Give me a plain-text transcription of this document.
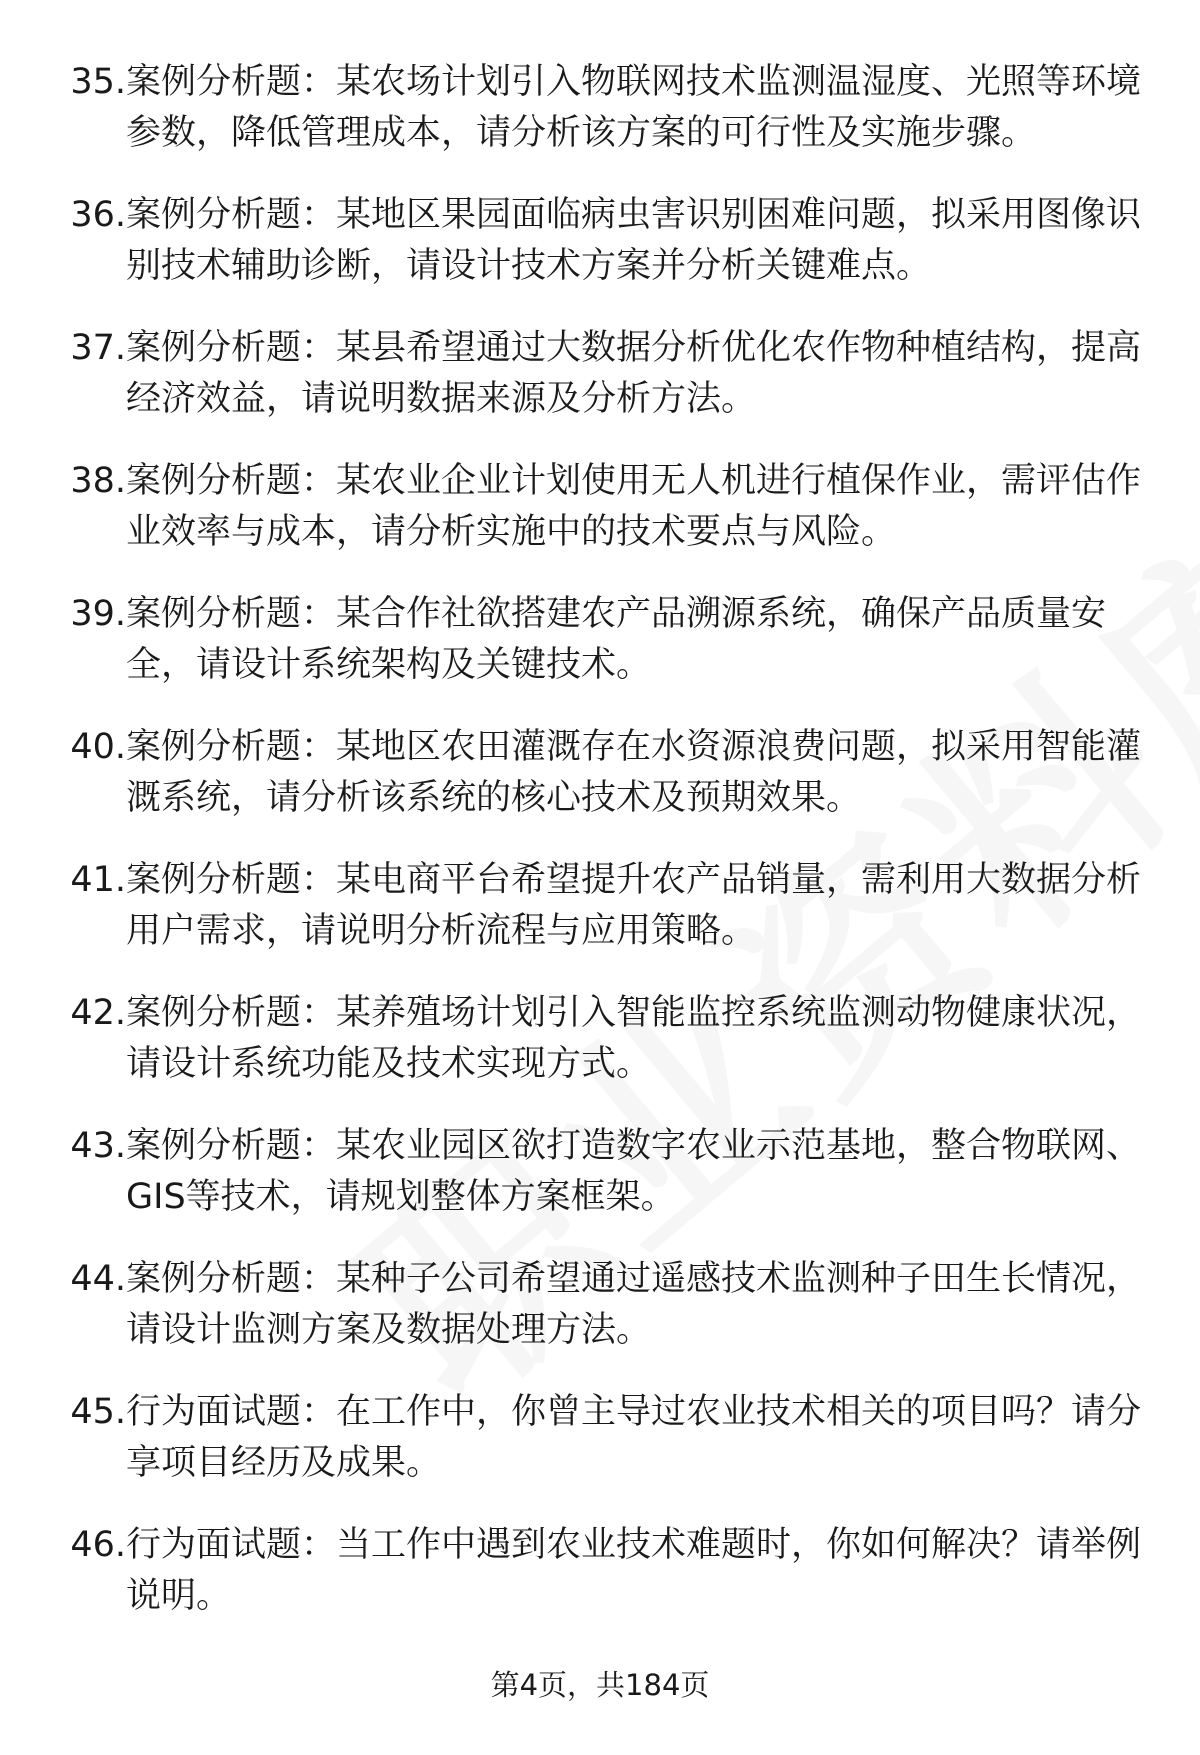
35. 案例分析题：某农场计划引入物联网技术监测温湿度、光照等环境参数，降低管理成本，请分析该方案的可行性及实施步骤。
36. 案例分析题：某地区果园面临病虫害识别困难问题，拟采用图像识别技术辅助诊断，请设计技术方案并分析关键难点。
37. 案例分析题：某县希望通过大数据分析优化农作物种植结构，提高经济效益，请说明数据来源及分析方法。
38. 案例分析题：某农业企业计划使用无人机进行植保作业，需评估作业效率与成本，请分析实施中的技术要点与风险。
39. 案例分析题：某合作社欲搭建农产品溯源系统，确保产品质量安全，请设计系统架构及关键技术。
40. 案例分析题：某地区农田灌溉存在水资源浪费问题，拟采用智能灌溉系统，请分析该系统的核心技术及预期效果。
41. 案例分析题：某电商平台希望提升农产品销量，需利用大数据分析用户需求，请说明分析流程与应用策略。
42. 案例分析题：某养殖场计划引入智能监控系统监测动物健康状况，请设计系统功能及技术实现方式。
43. 案例分析题：某农业园区欲打造数字农业示范基地，整合物联网、GIS等技术，请规划整体方案框架。
44. 案例分析题：某种子公司希望通过遥感技术监测种子田生长情况，请设计监测方案及数据处理方法。
45. 行为面试题：在工作中，你曾主导过农业技术相关的项目吗？请分享项目经历及成果。
46. 行为面试题：当工作中遇到农业技术难题时，你如何解决？请举例说明。
第4页，共184页
